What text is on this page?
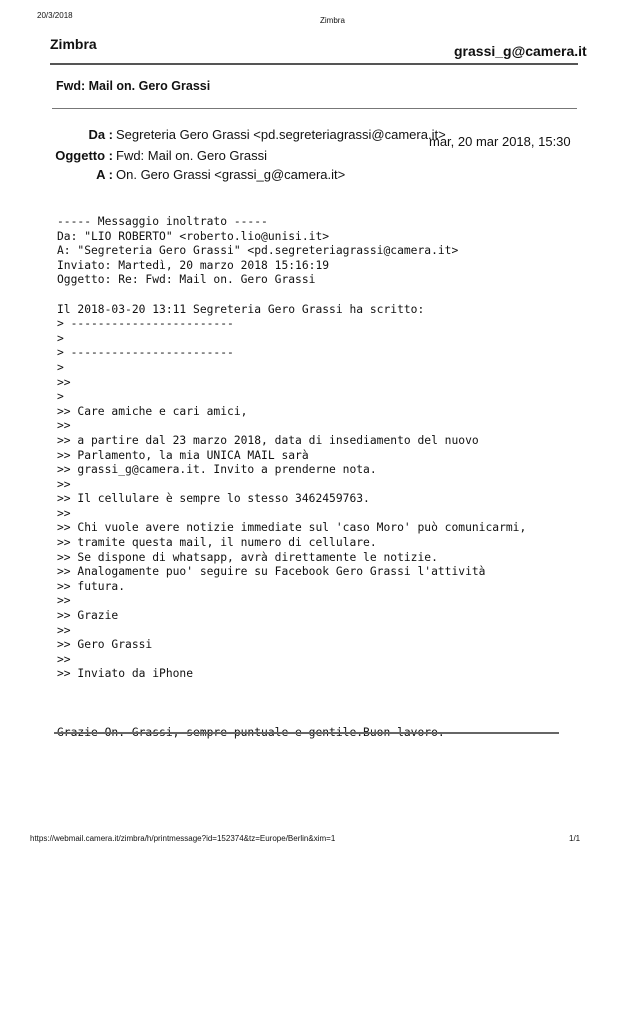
20/3/2018
Zimbra
Zimbra	grassi_g@camera.it
Fwd: Mail on. Gero Grassi
Da : Segreteria Gero Grassi <pd.segreteriagrassi@camera.it>
mar, 20 mar 2018, 15:30
Oggetto : Fwd: Mail on. Gero Grassi
A : On. Gero Grassi <grassi_g@camera.it>
----- Messaggio inoltrato -----
Da: "LIO ROBERTO" <roberto.lio@unisi.it>
A: "Segreteria Gero Grassi" <pd.segreteriagrassi@camera.it>
Inviato: Martedì, 20 marzo 2018 15:16:19
Oggetto: Re: Fwd: Mail on. Gero Grassi
Il 2018-03-20 13:11 Segreteria Gero Grassi ha scritto:
> ------------------------
>
> ------------------------
>
>>
>
>> Care amiche e cari amici,
>>
>> a partire dal 23 marzo 2018, data di insediamento del nuovo
>> Parlamento, la mia UNICA MAIL sarà
>> grassi_g@camera.it. Invito a prenderne nota.
>>
>> Il cellulare è sempre lo stesso 3462459763.
>>
>> Chi vuole avere notizie immediate sul 'caso Moro' può comunicarmi,
>> tramite questa mail, il numero di cellulare.
>> Se dispone di whatsapp, avrà direttamente le notizie.
>> Analogamente puo' seguire su Facebook Gero Grassi l'attività
>> futura.
>>
>> Grazie
>>
>> Gero Grassi
>>
>> Inviato da iPhone
Grazie On. Grassi, sempre puntuale e gentile.Buon lavoro.
https://webmail.camera.it/zimbra/h/printmessage?id=152374&tz=Europe/Berlin&xim=1	1/1
